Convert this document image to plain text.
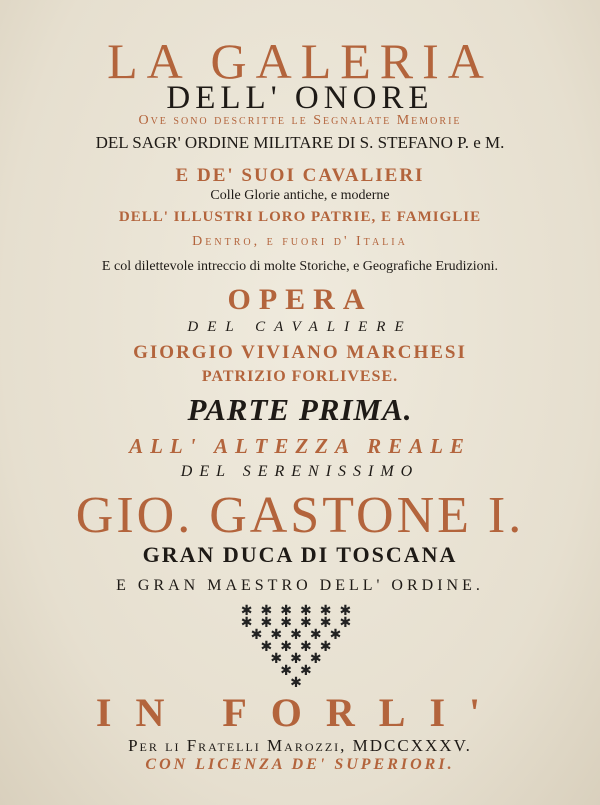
LA GALERIA
DELL' ONORE
Ove sono descritte le Segnalate Memorie
DEL SAGR' ORDINE MILITARE DI S. STEFANO P. e M.
E DE' SUOI CAVALIERI
Colle Glorie antiche, e moderne
DELL' ILLUSTRI LORO PATRIE, E FAMIGLIE
Dentro, e fuori d' Italia
E col dilettevole intreccio di molte Storiche, e Geografiche Erudizioni.
OPERA
DEL CAVALIERE
GIORGIO VIVIANO MARCHESI
PATRIZIO FORLIVESE.
PARTE PRIMA.
ALL' ALTEZZA REALE
DEL SERENISSIMO
GIO. GASTONE I.
GRAN DUCA DI TOSCANA
E GRAN MAESTRO DELL' ORDINE.
✱✱✱✱✱✱
✱✱✱✱✱✱
✱✱✱✱✱
✱✱✱✱
✱✱✱
✱✱
✱
IN FORLI'
Per li Fratelli Marozzi, MDCCXXXV.
CON LICENZA DE' SUPERIORI.
